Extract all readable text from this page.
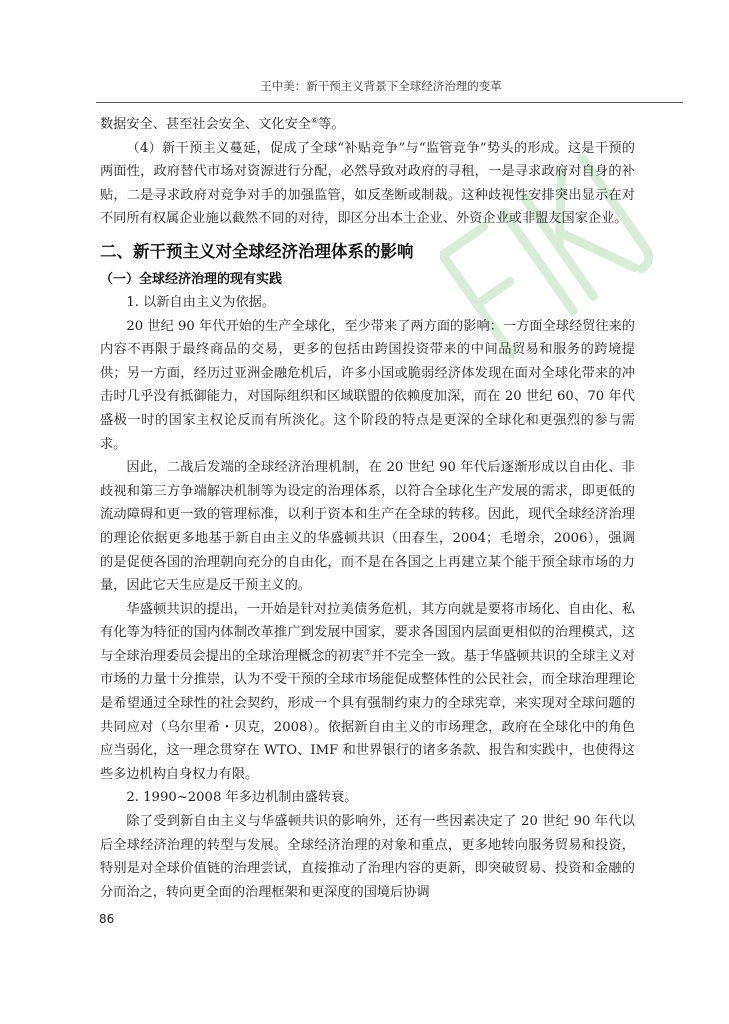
王中美：新干预主义背景下全球经济治理的变革

数据安全、甚至社会安全、文化安全⑥等。

（4）新干预主义蔓延，促成了全球“补贴竞争”与“监管竞争”势头的形成。这是干预的两面性，政府替代市场对资源进行分配，必然导致对政府的寻租，一是寻求政府对自身的补贴，二是寻求政府对竞争对手的加强监管，如反垄断或制裁。这种歧视性安排突出显示在对不同所有权属企业施以截然不同的对待，即区分出本土企业、外资企业或非盟友国家企业。

二、新干预主义对全球经济治理体系的影响
（一）全球经济治理的现有实践

1. 以新自由主义为依据。

20 世纪 90 年代开始的生产全球化，至少带来了两方面的影响：一方面全球经贸往来的内容不再限于最终商品的交易，更多的包括由跨国投资带来的中间品贸易和服务的跨境提供；另一方面，经历过亚洲金融危机后，许多小国或脆弱经济体发现在面对全球化带来的冲击时几乎没有抵御能力，对国际组织和区域联盟的依赖度加深，而在 20 世纪 60、70 年代盛极一时的国家主权论反而有所淡化。这个阶段的特点是更深的全球化和更强烈的参与需求。

因此，二战后发端的全球经济治理机制，在 20 世纪 90 年代后逐渐形成以自由化、非歧视和第三方争端解决机制等为设定的治理体系，以符合全球化生产发展的需求，即更低的流动障碍和更一致的管理标准，以利于资本和生产在全球的转移。因此，现代全球经济治理的理论依据更多地基于新自由主义的华盛顿共识（田春生，2004；毛增余，2006），强调的是促使各国的治理朝向充分的自由化，而不是在各国之上再建立某个能干预全球市场的力量，因此它天生应是反干预主义的。

华盛顿共识的提出，一开始是针对拉美债务危机，其方向就是要将市场化、自由化、私有化等为特征的国内体制改革推广到发展中国家，要求各国国内层面更相似的治理模式，这与全球治理委员会提出的全球治理概念的初衷⑦并不完全一致。基于华盛顿共识的全球主义对市场的力量十分推崇，认为不受干预的全球市场能促成整体性的公民社会，而全球治理理论是希望通过全球性的社会契约，形成一个具有强制约束力的全球宪章，来实现对全球问题的共同应对（乌尔里希・贝克，2008）。依据新自由主义的市场理念，政府在全球化中的角色应当弱化，这一理念贯穿在 WTO、IMF 和世界银行的诸多条款、报告和实践中，也使得这些多边机构自身权力有限。

2. 1990~2008 年多边机制由盛转衰。

除了受到新自由主义与华盛顿共识的影响外，还有一些因素决定了 20 世纪 90 年代以后全球经济治理的转型与发展。全球经济治理的对象和重点，更多地转向服务贸易和投资，特别是对全球价值链的治理尝试，直接推动了治理内容的更新，即突破贸易、投资和金融的分而治之，转向更全面的治理框架和更深度的国境后协调

86
